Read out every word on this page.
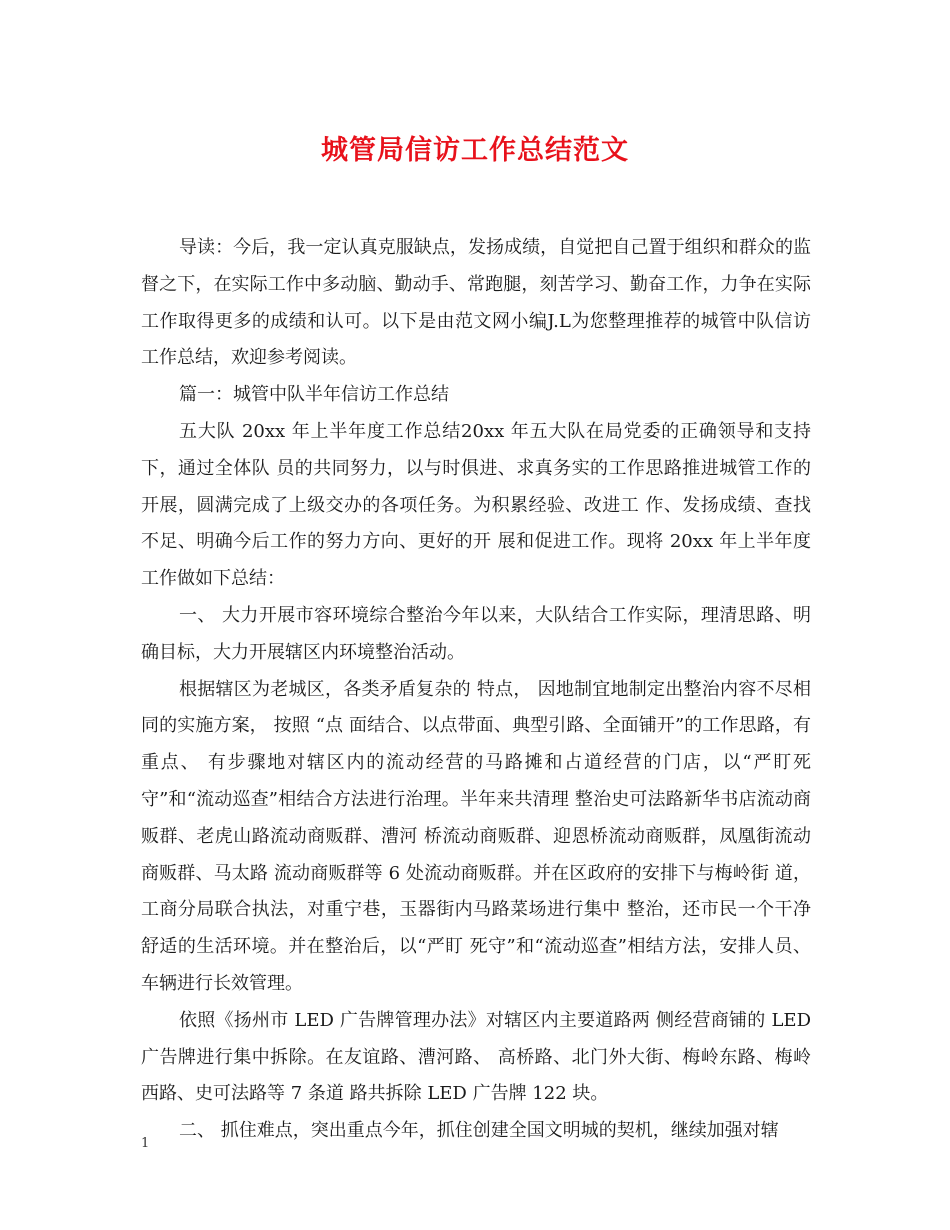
城管局信访工作总结范文

导读：今后，我一定认真克服缺点，发扬成绩，自觉把自己置于组织和群众的监督之下，在实际工作中多动脑、勤动手、常跑腿，刻苦学习、勤奋工作，力争在实际工作取得更多的成绩和认可。以下是由范文网小编J.L为您整理推荐的城管中队信访工作总结，欢迎参考阅读。

篇一：城管中队半年信访工作总结

五大队 20xx 年上半年度工作总结20xx 年五大队在局党委的正确领导和支持下，通过全体队 员的共同努力，以与时俱进、求真务实的工作思路推进城管工作的开展，圆满完成了上级交办的各项任务。为积累经验、改进工 作、发扬成绩、查找不足、明确今后工作的努力方向、更好的开 展和促进工作。现将 20xx 年上半年度工作做如下总结：

一、 大力开展市容环境综合整治今年以来，大队结合工作实际，理清思路、明确目标，大力开展辖区内环境整治活动。

根据辖区为老城区，各类矛盾复杂的 特点， 因地制宜地制定出整治内容不尽相同的实施方案， 按照 “点 面结合、以点带面、典型引路、全面铺开”的工作思路，有重点、 有步骤地对辖区内的流动经营的马路摊和占道经营的门店，以“严盯死守”和“流动巡查”相结合方法进行治理。半年来共清理 整治史可法路新华书店流动商贩群、老虎山路流动商贩群、漕河 桥流动商贩群、迎恩桥流动商贩群，凤凰街流动商贩群、马太路 流动商贩群等 6 处流动商贩群。并在区政府的安排下与梅岭街 道，工商分局联合执法，对重宁巷，玉器街内马路菜场进行集中 整治，还市民一个干净舒适的生活环境。并在整治后，以“严盯 死守”和“流动巡查”相结方法，安排人员、车辆进行长效管理。

依照《扬州市 LED 广告牌管理办法》对辖区内主要道路两 侧经营商铺的 LED 广告牌进行集中拆除。在友谊路、漕河路、 高桥路、北门外大街、梅岭东路、梅岭西路、史可法路等 7 条道 路共拆除 LED 广告牌 122 块。

二、 抓住难点，突出重点今年，抓住创建全国文明城的契机，继续加强对辖

1
